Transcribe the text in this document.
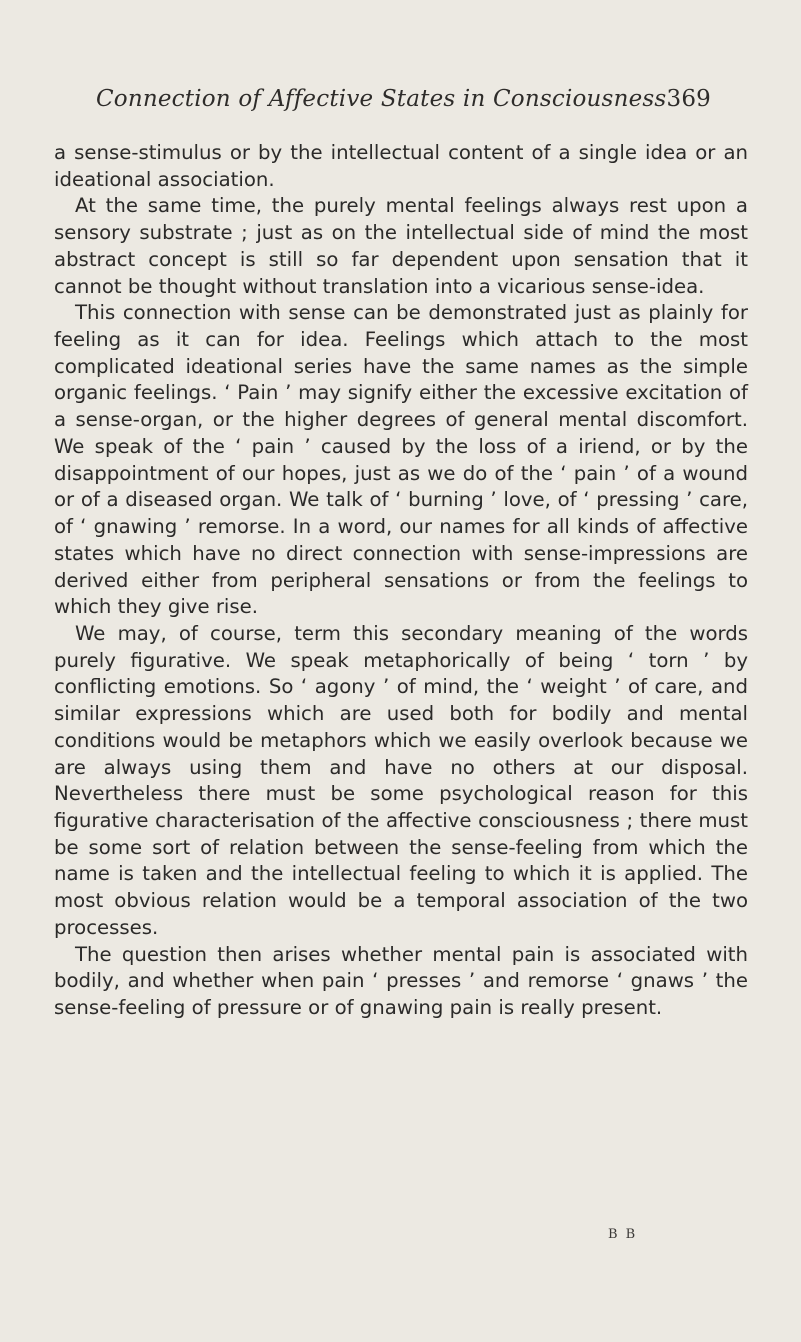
Connection of Affective States in Consciousness 369

a sense-stimulus or by the intellectual content of a single idea or an ideational association.

At the same time, the purely mental feelings always rest upon a sensory substrate ; just as on the intellectual side of mind the most abstract concept is still so far dependent upon sensation that it cannot be thought without translation into a vicarious sense-idea.

This connection with sense can be demonstrated just as plainly for feeling as it can for idea. Feelings which attach to the most complicated ideational series have the same names as the simple organic feelings. ‘ Pain ’ may signify either the excessive excitation of a sense-organ, or the higher degrees of general mental discomfort. We speak of the ‘ pain ’ caused by the loss of a iriend, or by the disappointment of our hopes, just as we do of the ‘ pain ’ of a wound or of a diseased organ. We talk of ‘ burning ’ love, of ‘ pressing ’ care, of ‘ gnawing ’ remorse. In a word, our names for all kinds of affective states which have no direct connection with sense-impressions are derived either from peripheral sensations or from the feelings to which they give rise.

We may, of course, term this secondary meaning of the words purely figurative. We speak metaphorically of being ‘ torn ’ by conflicting emotions. So ‘ agony ’ of mind, the ‘ weight ’ of care, and similar expressions which are used both for bodily and mental conditions would be metaphors which we easily overlook because we are always using them and have no others at our disposal. Nevertheless there must be some psychological reason for this figurative characterisation of the affective consciousness ; there must be some sort of relation between the sense-feeling from which the name is taken and the intellectual feeling to which it is applied. The most obvious relation would be a temporal association of the two processes.

The question then arises whether mental pain is associated with bodily, and whether when pain ‘ presses ’ and remorse ‘ gnaws ’ the sense-feeling of pressure or of gnawing pain is really present.

B B
